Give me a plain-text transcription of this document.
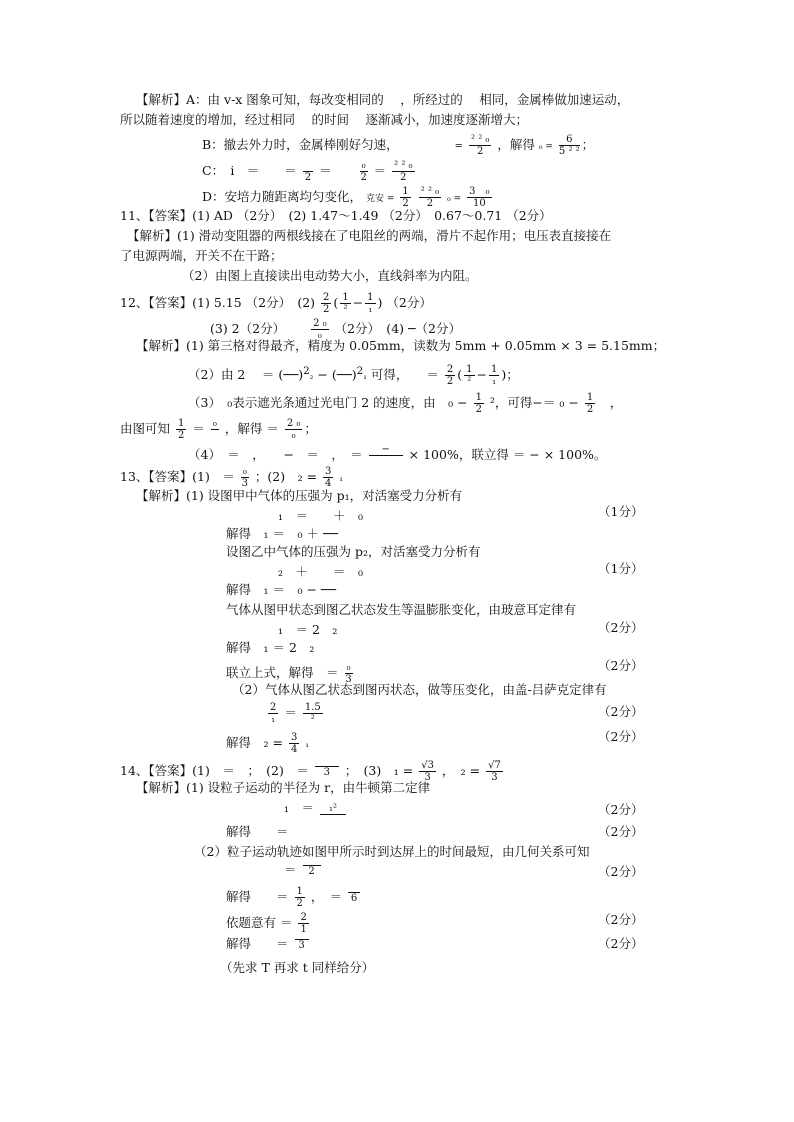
【解析】A：由 v-x 图象可知，每改变相同的 　，所经过的 　相同，金属棒做加速运动，
所以随着速度的增加，经过相同 　的时间 　逐渐减小，加速度逐渐增大；
B：撤去外力时，金属棒刚好匀速，	= $\frac{\text{² ² ₀}}{2}$ ，解得 $_0 = \frac{6}{\text{5 ² ²}}$ ；
C：　i　＝　　＝
  2 ＝	$\frac{\text{₀}}{2} = \frac{\text{² ² ₀}}{2}$
D：安培力随距离均匀变化， 克安 = $\frac{1}{2}$
$\frac{\text{² ² ₀}}{2} _0 = \frac{\text{3　₀}}{10}$
11、【答案】(1) AD （2分）　(2) 1.47～1.49 （2分）　0.67～0.71 （2分）
【解析】(1) 滑动变阻器的两根线接在了电阻丝的两端，滑片不起作用；电压表直接接在
了电源两端，开关不在干路；
（2）由图上直接读出电动势大小，直线斜率为内阻。
12、【答案】(1) 5.15 （2分）　$(2) \frac{2}{2}$ ( $\frac{1}{\text{²}} - \frac{1}{\text{₁}}$ ) （2分）
(3) 2（2分）	$\frac{\text{2 ₀}}{\text{₀}} (2$分）　(4) ─（2分）
【解析】(1) 第三格对得最齐，精度为 0.05mm，读数为 5mm + 0.05mm × 3 = 5.15mm；
（2）由 2 　＝ (──)$^2$₂ − (──)$^2$₁ 可得， ＝ $\frac{2}{2}$ ( $\frac{1}{\text{²}} - \frac{1}{\text{₁}}$ )；
（3）　₀表示遮光条通过光电门 2 的速度，由　$_0 - \frac{1}{2} ^2$，可得−＝ $_0 - \frac{1}{2}$ 　，
由图可知 $\frac{1}{2} = _0$
  ，解得 ＝ $\frac{\text{2 ₀}}{\text{₀}}$ ；
（4）　＝　，　　−　＝　，　＝	−
 	× 100%，联立得 ＝ − × 100%。
13、【答案】(1)　＝ $\frac{\text{₀}}{3}$ ；(2)　$_2 = \frac{3}{4} _1$
【解析】(1) 设图甲中气体的压强为 p₁，对活塞受力分析有
₁　＝　　＋　₀	（1分）
解得　₁ ＝　₀ ＋ ──
设图乙中气体的压强为 p₂，对活塞受力分析有
₂　＋　　＝　₀	（1分）
解得　₁ ＝　₀ − ──
气体从图甲状态到图乙状态发生等温膨胀变化，由玻意耳定律有
₁　＝ 2　₂	（2分）
解得　₁ ＝ 2　₂
联立上式，解得　＝ $\frac{\text{₀}}{3}$	（2分）
（2）气体从图乙状态到图丙状态，做等压变化，由盖-吕萨克定律有
$\frac{2}{\text{₁}} = \frac{1.5}{\text{²}}$	（2分）
解得　$_2 = \frac{3}{4} _1$
（2分）
14、【答案】(1)　＝　；　(2)　＝	3	；　(3)　$_1 = \frac{√3}{3}$ ，　$_2 = \frac{√7}{3}$
【解析】(1) 设粒子运动的半径为 r，由牛顿第二定律
₁　＝	₁²	（2分）
解得　　＝	（2分）
（2）粒子运动轨迹如图甲所示时到达屏上的时间最短，由几何关系可知
＝	2	（2分）
解得　　＝ $\frac{1}{2}$ ，　＝ 6
依题意有 ＝ $\frac{2}{1}$	（2分）
解得　　＝ 3	（2分）
（先求 T 再求 t 同样给分）
